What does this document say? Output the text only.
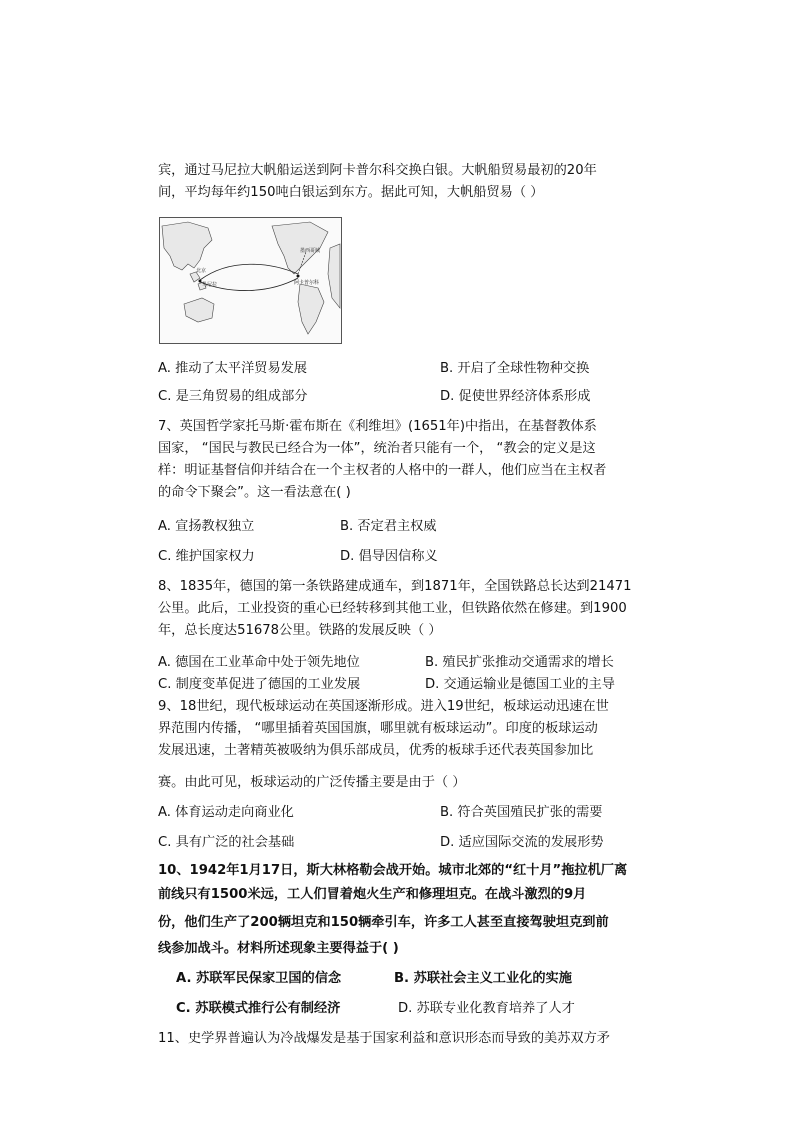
宾，通过马尼拉大帆船运送到阿卡普尔科交换白银。大帆船贸易最初的20年
间，平均每年约150吨白银运到东方。据此可知，大帆船贸易（ ）
北京
马尼拉	阿卡普尔科
墨西哥城
A. 推动了太平洋贸易发展	B. 开启了全球性物种交换
C. 是三角贸易的组成部分	D. 促使世界经济体系形成
7、英国哲学家托马斯·霍布斯在《利维坦》(1651年)中指出，在基督教体系
国家， “国民与教民已经合为一体”，统治者只能有一个， “教会的定义是这
样：明证基督信仰并结合在一个主权者的人格中的一群人，他们应当在主权者
的命令下聚会”。这一看法意在( )
A. 宣扬教权独立	B. 否定君主权威
C. 维护国家权力	D. 倡导因信称义
8、1835年，德国的第一条铁路建成通车，到1871年，全国铁路总长达到21471
公里。此后，工业投资的重心已经转移到其他工业，但铁路依然在修建。到1900
年，总长度达51678公里。铁路的发展反映（ ）
A. 德国在工业革命中处于领先地位	B. 殖民扩张推动交通需求的增长
C. 制度变革促进了德国的工业发展	D. 交通运输业是德国工业的主导
9、18世纪，现代板球运动在英国逐渐形成。进入19世纪，板球运动迅速在世
界范围内传播， “哪里插着英国国旗，哪里就有板球运动”。印度的板球运动
发展迅速，土著精英被吸纳为俱乐部成员，优秀的板球手还代表英国参加比
赛。由此可见，板球运动的广泛传播主要是由于（ ）
A. 体育运动走向商业化	B. 符合英国殖民扩张的需要
C. 具有广泛的社会基础	D. 适应国际交流的发展形势
10、1942年1月17日，斯大林格勒会战开始。城市北郊的“红十月”拖拉机厂离
前线只有1500米远，工人们冒着炮火生产和修理坦克。在战斗激烈的9月
份，他们生产了200辆坦克和150辆牵引车，许多工人甚至直接驾驶坦克到前
线参加战斗。材料所述现象主要得益于( )
A. 苏联军民保家卫国的信念	B. 苏联社会主义工业化的实施
C. 苏联模式推行公有制经济	D. 苏联专业化教育培养了人才
11、史学界普遍认为冷战爆发是基于国家利益和意识形态而导致的美苏双方矛
